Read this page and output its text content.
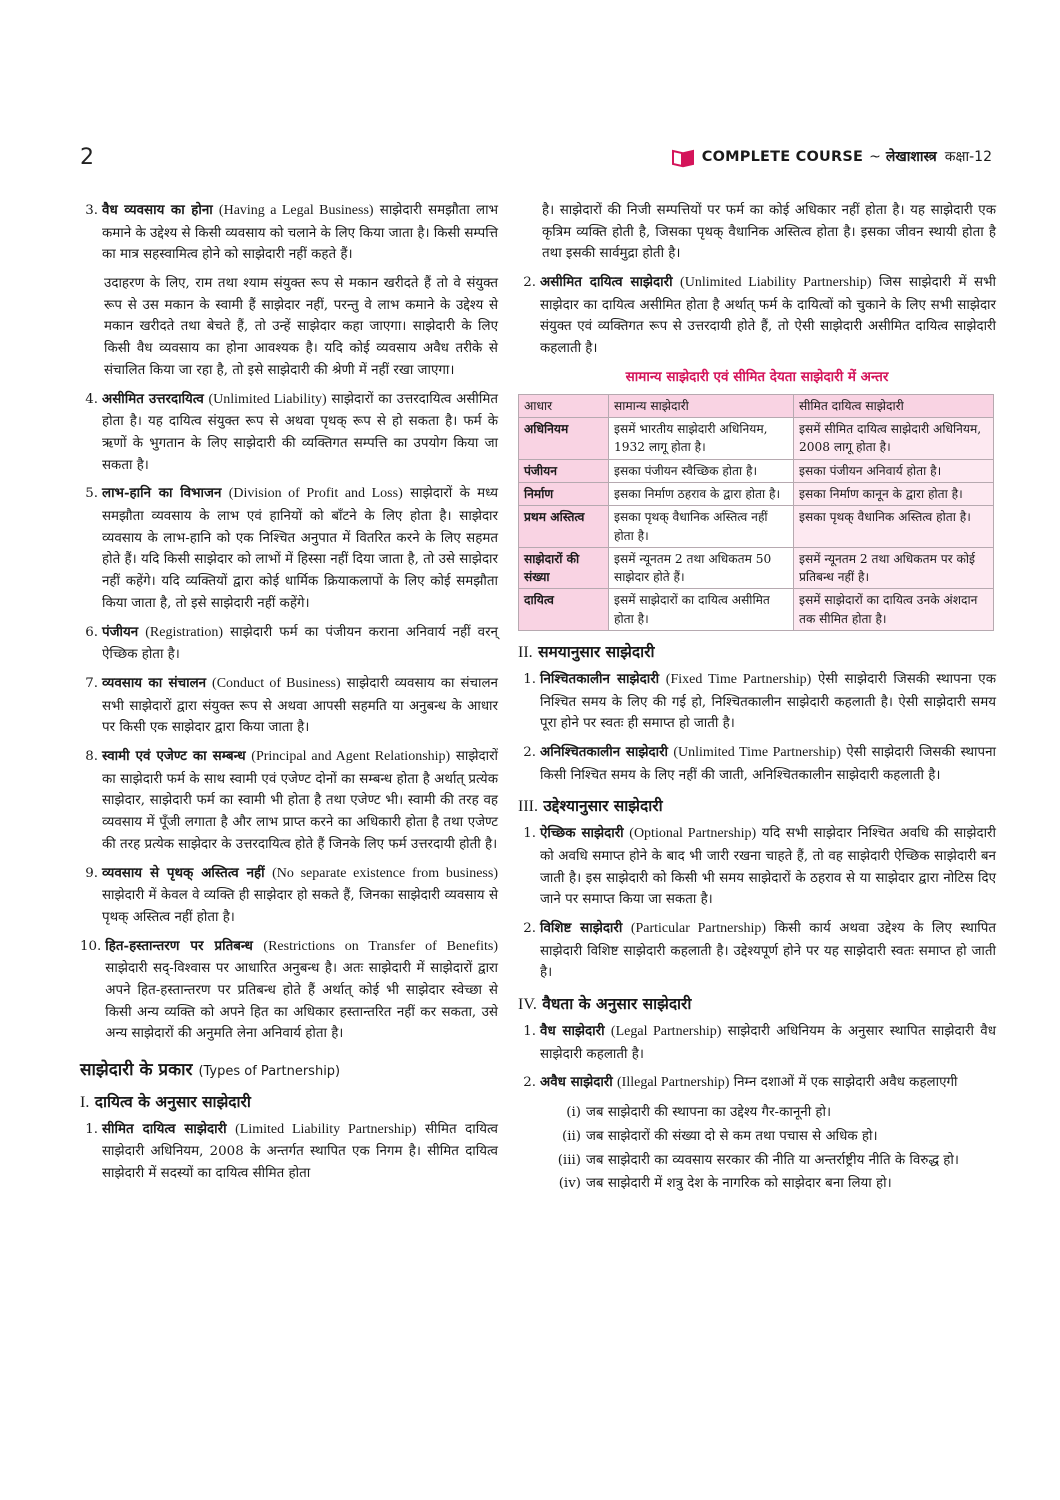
2	COMPLETE COURSE ~ लेखाशास्त्र कक्षा-12
3. वैध व्यवसाय का होना (Having a Legal Business) साझेदारी समझौता लाभ कमाने के उद्देश्य से किसी व्यवसाय को चलाने के लिए किया जाता है। किसी सम्पत्ति का मात्र सहस्वामित्व होने को साझेदारी नहीं कहते हैं।

उदाहरण के लिए, राम तथा श्याम संयुक्त रूप से मकान खरीदते हैं तो वे संयुक्त रूप से उस मकान के स्वामी हैं साझेदार नहीं, परन्तु वे लाभ कमाने के उद्देश्य से मकान खरीदते तथा बेचते हैं, तो उन्हें साझेदार कहा जाएगा। साझेदारी के लिए किसी वैध व्यवसाय का होना आवश्यक है। यदि कोई व्यवसाय अवैध तरीके से संचालित किया जा रहा है, तो इसे साझेदारी की श्रेणी में नहीं रखा जाएगा।

4. असीमित उत्तरदायित्व (Unlimited Liability) साझेदारों का उत्तरदायित्व असीमित होता है। यह दायित्व संयुक्त रूप से अथवा पृथक् रूप से हो सकता है। फर्म के ऋणों के भुगतान के लिए साझेदारी की व्यक्तिगत सम्पत्ति का उपयोग किया जा सकता है।
5. लाभ-हानि का विभाजन (Division of Profit and Loss) साझेदारों के मध्य समझौता व्यवसाय के लाभ एवं हानियों को बाँटने के लिए होता है। साझेदार व्यवसाय के लाभ-हानि को एक निश्चित अनुपात में वितरित करने के लिए सहमत होते हैं। यदि किसी साझेदार को लाभों में हिस्सा नहीं दिया जाता है, तो उसे साझेदार नहीं कहेंगे। यदि व्यक्तियों द्वारा कोई धार्मिक क्रियाकलापों के लिए कोई समझौता किया जाता है, तो इसे साझेदारी नहीं कहेंगे।
6. पंजीयन (Registration) साझेदारी फर्म का पंजीयन कराना अनिवार्य नहीं वरन् ऐच्छिक होता है।
7. व्यवसाय का संचालन (Conduct of Business) साझेदारी व्यवसाय का संचालन सभी साझेदारों द्वारा संयुक्त रूप से अथवा आपसी सहमति या अनुबन्ध के आधार पर किसी एक साझेदार द्वारा किया जाता है।
8. स्वामी एवं एजेण्ट का सम्बन्ध (Principal and Agent Relationship) साझेदारों का साझेदारी फर्म के साथ स्वामी एवं एजेण्ट दोनों का सम्बन्ध होता है अर्थात् प्रत्येक साझेदार, साझेदारी फर्म का स्वामी भी होता है तथा एजेण्ट भी। स्वामी की तरह वह व्यवसाय में पूँजी लगाता है और लाभ प्राप्त करने का अधिकारी होता है तथा एजेण्ट की तरह प्रत्येक साझेदार के उत्तरदायित्व होते हैं जिनके लिए फर्म उत्तरदायी होती है।
9. व्यवसाय से पृथक् अस्तित्व नहीं (No separate existence from business) साझेदारी में केवल वे व्यक्ति ही साझेदार हो सकते हैं, जिनका साझेदारी व्यवसाय से पृथक् अस्तित्व नहीं होता है।
10. हित-हस्तान्तरण पर प्रतिबन्ध (Restrictions on Transfer of Benefits) साझेदारी सद्-विश्वास पर आधारित अनुबन्ध है। अतः साझेदारी में साझेदारों द्वारा अपने हित-हस्तान्तरण पर प्रतिबन्ध होते हैं अर्थात् कोई भी साझेदार स्वेच्छा से किसी अन्य व्यक्ति को अपने हित का अधिकार हस्तान्तरित नहीं कर सकता, उसे अन्य साझेदारों की अनुमति लेना अनिवार्य होता है।
साझेदारी के प्रकार (Types of Partnership)
I. दायित्व के अनुसार साझेदारी
1. सीमित दायित्व साझेदारी (Limited Liability Partnership) सीमित दायित्व साझेदारी अधिनियम, 2008 के अन्तर्गत स्थापित एक निगम है। सीमित दायित्व साझेदारी में सदस्यों का दायित्व सीमित होता

है। साझेदारों की निजी सम्पत्तियों पर फर्म का कोई अधिकार नहीं होता है। यह साझेदारी एक कृत्रिम व्यक्ति होती है, जिसका पृथक् वैधानिक अस्तित्व होता है। इसका जीवन स्थायी होता है तथा इसकी सार्वमुद्रा होती है।

2. असीमित दायित्व साझेदारी (Unlimited Liability Partnership) जिस साझेदारी में सभी साझेदार का दायित्व असीमित होता है अर्थात् फर्म के दायित्वों को चुकाने के लिए सभी साझेदार संयुक्त एवं व्यक्तिगत रूप से उत्तरदायी होते हैं, तो ऐसी साझेदारी असीमित दायित्व साझेदारी कहलाती है।
सामान्य साझेदारी एवं सीमित देयता साझेदारी में अन्तर
आधार	सामान्य साझेदारी	सीमित दायित्व साझेदारी
अधिनियम	इसमें भारतीय साझेदारी अधिनियम, 1932 लागू होता है।	इसमें सीमित दायित्व साझेदारी अधिनियम, 2008 लागू होता है।
पंजीयन	इसका पंजीयन स्वैच्छिक होता है।	इसका पंजीयन अनिवार्य होता है।
निर्माण	इसका निर्माण ठहराव के द्वारा होता है।	इसका निर्माण कानून के द्वारा होता है।
प्रथम अस्तित्व	इसका पृथक् वैधानिक अस्तित्व नहीं होता है।	इसका पृथक् वैधानिक अस्तित्व होता है।
साझेदारों की संख्या	इसमें न्यूनतम 2 तथा अधिकतम 50 साझेदार होते हैं।	इसमें न्यूनतम 2 तथा अधिकतम पर कोई प्रतिबन्ध नहीं है।
दायित्व	इसमें साझेदारों का दायित्व असीमित होता है।	इसमें साझेदारों का दायित्व उनके अंशदान तक सीमित होता है।
II. समयानुसार साझेदारी
1. निश्चितकालीन साझेदारी (Fixed Time Partnership) ऐसी साझेदारी जिसकी स्थापना एक निश्चित समय के लिए की गई हो, निश्चितकालीन साझेदारी कहलाती है। ऐसी साझेदारी समय पूरा होने पर स्वतः ही समाप्त हो जाती है।
2. अनिश्चितकालीन साझेदारी (Unlimited Time Partnership) ऐसी साझेदारी जिसकी स्थापना किसी निश्चित समय के लिए नहीं की जाती, अनिश्चितकालीन साझेदारी कहलाती है।
III. उद्देश्यानुसार साझेदारी
1. ऐच्छिक साझेदारी (Optional Partnership) यदि सभी साझेदार निश्चित अवधि की साझेदारी को अवधि समाप्त होने के बाद भी जारी रखना चाहते हैं, तो वह साझेदारी ऐच्छिक साझेदारी बन जाती है। इस साझेदारी को किसी भी समय साझेदारों के ठहराव से या साझेदार द्वारा नोटिस दिए जाने पर समाप्त किया जा सकता है।
2. विशिष्ट साझेदारी (Particular Partnership) किसी कार्य अथवा उद्देश्य के लिए स्थापित साझेदारी विशिष्ट साझेदारी कहलाती है। उद्देश्यपूर्ण होने पर यह साझेदारी स्वतः समाप्त हो जाती है।
IV. वैधता के अनुसार साझेदारी
1. वैध साझेदारी (Legal Partnership) साझेदारी अधिनियम के अनुसार स्थापित साझेदारी वैध साझेदारी कहलाती है।
2. अवैध साझेदारी (Illegal Partnership) निम्न दशाओं में एक साझेदारी अवैध कहलाएगी
(i) जब साझेदारी की स्थापना का उद्देश्य गैर-कानूनी हो।
(ii) जब साझेदारों की संख्या दो से कम तथा पचास से अधिक हो।
(iii) जब साझेदारी का व्यवसाय सरकार की नीति या अन्तर्राष्ट्रीय नीति के विरुद्ध हो।
(iv) जब साझेदारी में शत्रु देश के नागरिक को साझेदार बना लिया हो।
